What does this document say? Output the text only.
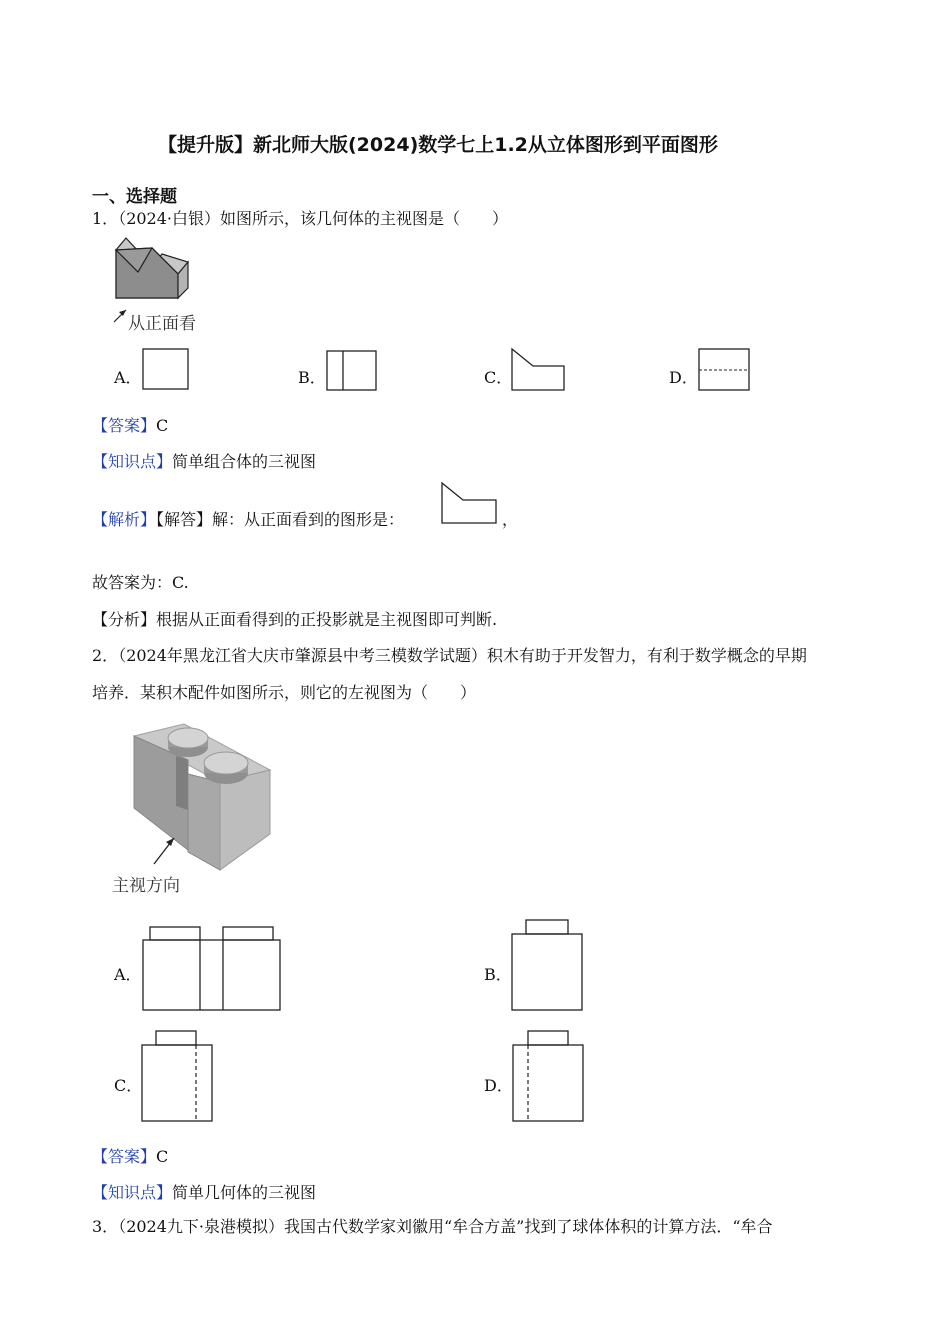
【提升版】新北师大版(2024)数学七上1.2从立体图形到平面图形
一、选择题
1．（2024·白银）如图所示，该几何体的主视图是（　　）
从正面看
A．	B．	C．	D．
【答案】C
【知识点】简单组合体的三视图
【解析】【解答】解：从正面看到的图形是：	，
故答案为：C.
【分析】根据从正面看得到的正投影就是主视图即可判断.
2．（2024年黑龙江省大庆市肇源县中考三模数学试题）积木有助于开发智力，有利于数学概念的早期
培养．某积木配件如图所示，则它的左视图为（　　）
主视方向
A．	B．
C．	D．
【答案】C
【知识点】简单几何体的三视图
3．（2024九下·泉港模拟）我国古代数学家刘徽用“牟合方盖”找到了球体体积的计算方法．“牟合
